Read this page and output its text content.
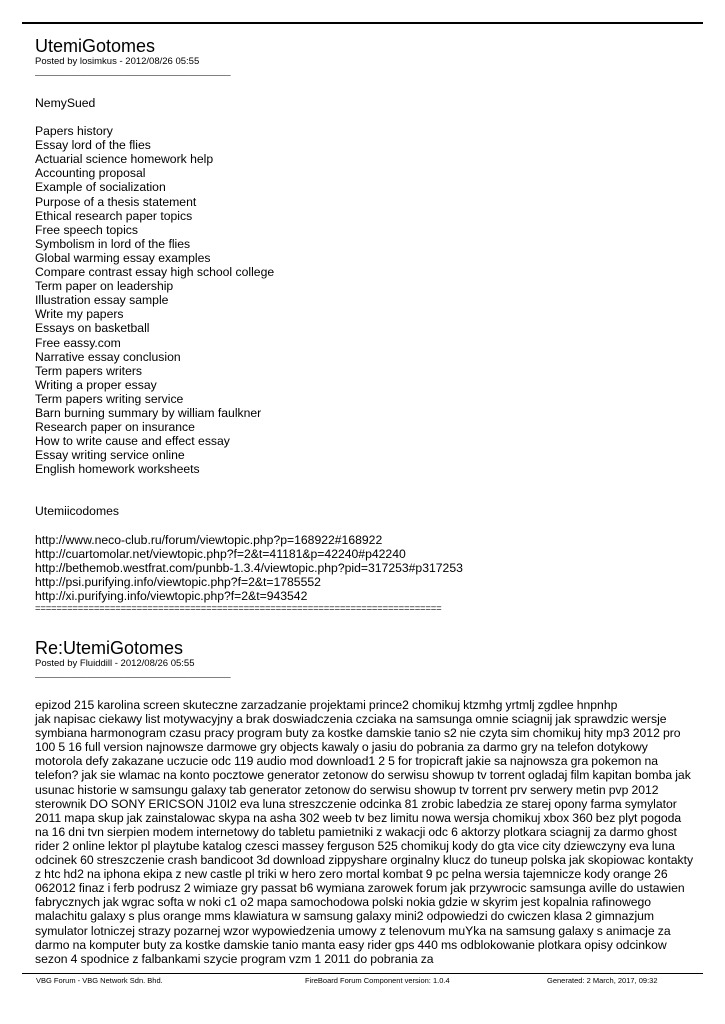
UtemiGotomes

Posted by losimkus - 2012/08/26 05:55

_____________________________________

NemySued

Papers history
Essay lord of the flies
Actuarial science homework help
Accounting proposal
Example of socialization
Purpose of a thesis statement
Ethical research paper topics
Free speech topics
Symbolism in lord of the flies
Global warming essay examples
Compare contrast essay high school college
Term paper on leadership
Illustration essay sample
Write my papers
Essays on basketball
Free eassy.com
Narrative essay conclusion
Term papers writers
Writing a proper essay
Term papers writing service
Barn burning summary by william faulkner
Research paper on insurance
How to write cause and effect essay
Essay writing service online
English homework worksheets

Utemiicodomes

http://www.neco-club.ru/forum/viewtopic.php?p=168922#168922
http://cuartomolar.net/viewtopic.php?f=2&t=41181&p=42240#p42240
http://bethemob.westfrat.com/punbb-1.3.4/viewtopic.php?pid=317253#p317253
http://psi.purifying.info/viewtopic.php?f=2&t=1785552
http://xi.purifying.info/viewtopic.php?f=2&t=943542

============================================================================

Re:UtemiGotomes

Posted by Fluiddill - 2012/08/26 05:55

_____________________________________

epizod 215 karolina screen skuteczne zarzadzanie projektami prince2 chomikuj ktzmhg yrtmlj zgdlee hnpnhp
jak napisac ciekawy list motywacyjny a brak doswiadczenia czciaka na samsunga omnie sciagnij jak sprawdzic wersje symbiana harmonogram czasu pracy program buty za kostke damskie tanio s2 nie czyta sim chomikuj hity mp3 2012 pro 100 5 16 full version najnowsze darmowe gry objects kawaly o jasiu do pobrania za darmo gry na telefon dotykowy motorola defy zakazane uczucie odc 119 audio mod download1 2 5 for tropicraft jakie sa najnowsza gra pokemon na telefon? jak sie wlamac na konto pocztowe generator zetonow do serwisu showup tv torrent ogladaj film kapitan bomba jak usunac historie w samsungu galaxy tab generator zetonow do serwisu showup tv torrent prv serwery metin pvp 2012
sterownik DO SONY ERICSON J10I2 eva luna streszczenie odcinka 81 zrobic labedzia ze starej opony farma symylator 2011 mapa skup jak zainstalowac skypa na asha 302 weeb tv bez limitu nowa wersja chomikuj xbox 360 bez plyt pogoda na 16 dni tvn sierpien modem internetowy do tabletu pamietniki z wakacji odc 6 aktorzy plotkara sciagnij za darmo ghost rider 2 online lektor pl playtube katalog czesci massey ferguson 525 chomikuj kody do gta vice city dziewczyny eva luna odcinek 60 streszczenie crash bandicoot 3d download zippyshare orginalny klucz do tuneup polska jak skopiowac kontakty z htc hd2 na iphona ekipa z new castle pl triki w hero zero mortal kombat 9 pc pelna wersia tajemnicze kody orange 26 062012 finaz i ferb podrusz 2 wimiaze gry passat b6 wymiana zarowek forum jak przywrocic samsunga aville do ustawien fabrycznych jak wgrac softa w noki c1 o2 mapa samochodowa polski nokia gdzie w skyrim jest kopalnia rafinowego malachitu galaxy s plus orange mms klawiatura w samsung galaxy mini2 odpowiedzi do cwiczen klasa 2 gimnazjum symulator lotniczej strazy pozarnej wzor wypowiedzenia umowy z telenovum muYka na samsung galaxy s animacje za darmo na komputer buty za kostke damskie tanio manta easy rider gps 440 ms odblokowanie plotkara opisy odcinkow sezon 4 spodnice z falbankami szycie program vzm 1 2011 do pobrania za

VBG Forum - VBG Network Sdn. Bhd.	FireBoard Forum Component version: 1.0.4	Generated: 2 March, 2017, 09:32
